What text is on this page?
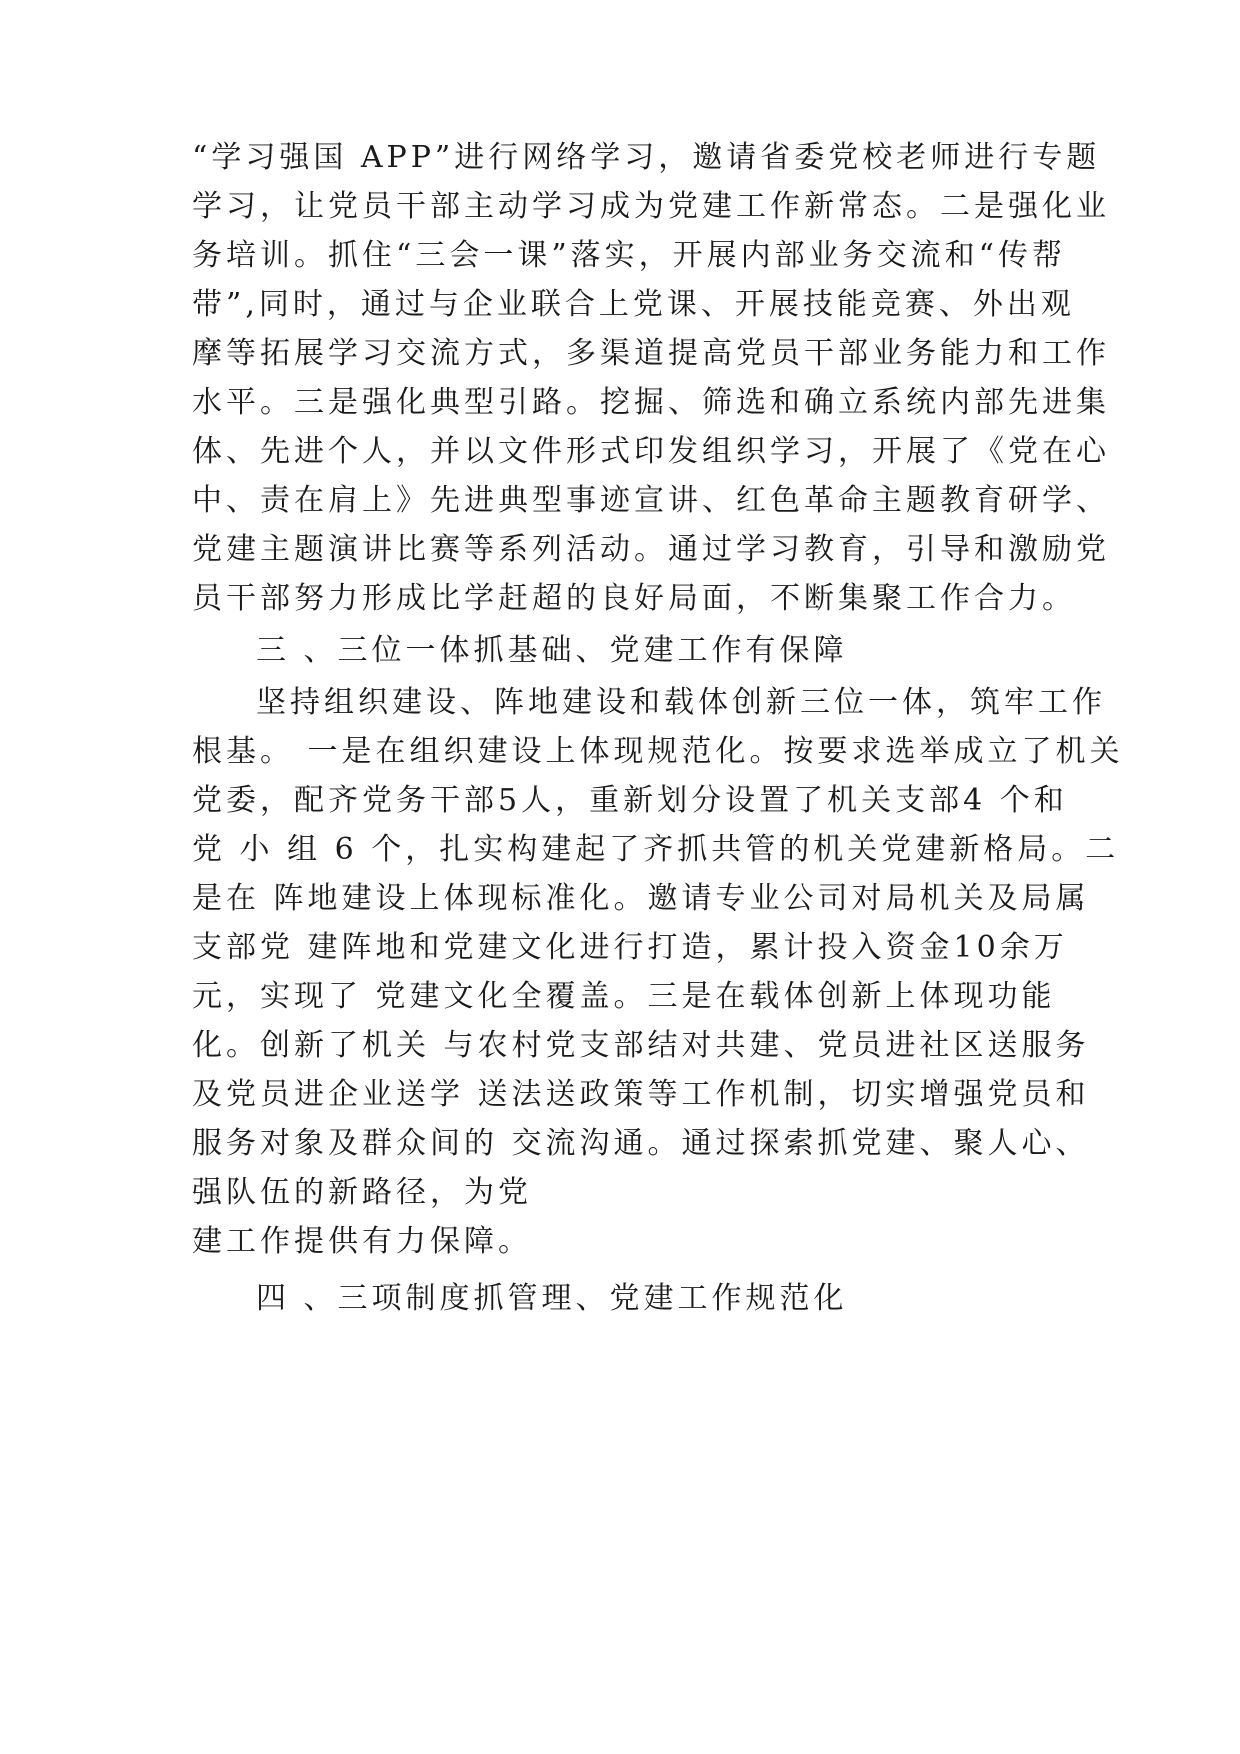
“学习强国 APP”进行网络学习，邀请省委党校老师进行专题
学习，让党员干部主动学习成为党建工作新常态。二是强化业
务培训。抓住“三会一课”落实，开展内部业务交流和“传帮
带”,同时，通过与企业联合上党课、开展技能竞赛、外出观
摩等拓展学习交流方式，多渠道提高党员干部业务能力和工作
水平。三是强化典型引路。挖掘、筛选和确立系统内部先进集
体、先进个人，并以文件形式印发组织学习，开展了《党在心
中、责在肩上》先进典型事迹宣讲、红色革命主题教育研学、
党建主题演讲比赛等系列活动。通过学习教育，引导和激励党
员干部努力形成比学赶超的良好局面，不断集聚工作合力。
三 、三位一体抓基础、党建工作有保障
坚持组织建设、阵地建设和载体创新三位一体，筑牢工作
根基。 一是在组织建设上体现规范化。按要求选举成立了机关
党委，配齐党务干部5人，重新划分设置了机关支部4 个和
党 小 组 6 个，扎实构建起了齐抓共管的机关党建新格局。二
是在 阵地建设上体现标准化。邀请专业公司对局机关及局属
支部党 建阵地和党建文化进行打造，累计投入资金10余万
元，实现了 党建文化全覆盖。三是在载体创新上体现功能
化。创新了机关 与农村党支部结对共建、党员进社区送服务
及党员进企业送学 送法送政策等工作机制，切实增强党员和
服务对象及群众间的 交流沟通。通过探索抓党建、聚人心、
强队伍的新路径，为党
建工作提供有力保障。
四 、三项制度抓管理、党建工作规范化
